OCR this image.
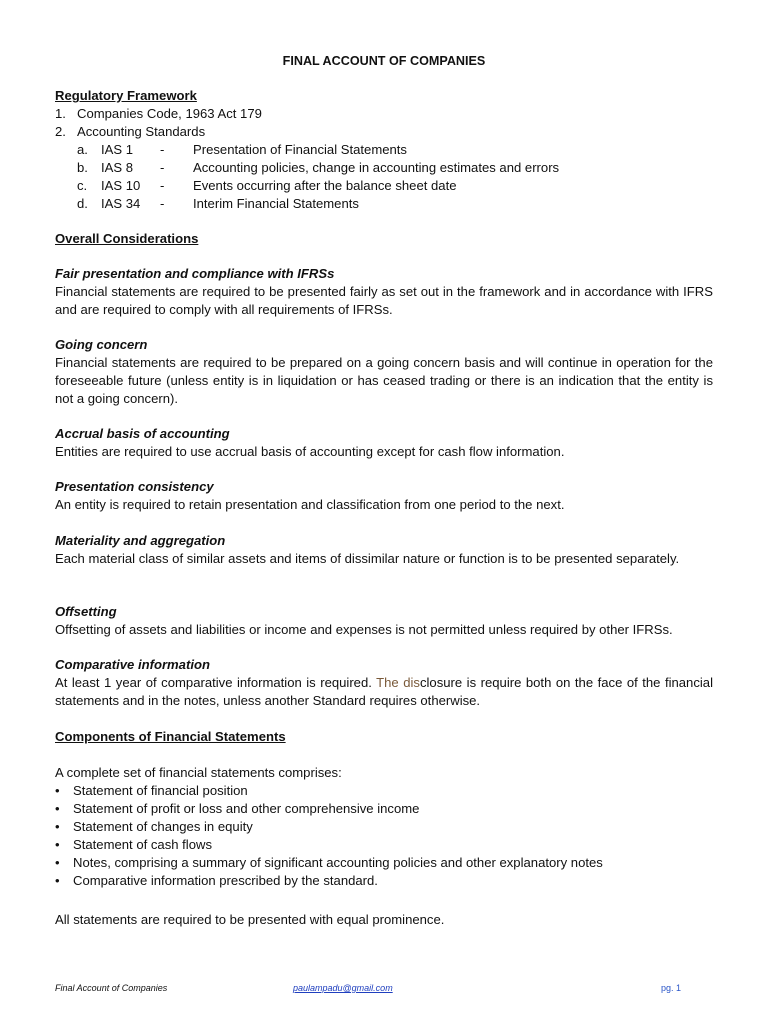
FINAL ACCOUNT OF COMPANIES
Regulatory Framework
1. Companies Code, 1963 Act 179
2. Accounting Standards
a. IAS 1	-	Presentation of Financial Statements
b. IAS 8	-	Accounting policies, change in accounting estimates and errors
c.	IAS 10	-	Events occurring after the balance sheet date
d. IAS 34	-	Interim Financial Statements
Overall Considerations
Fair presentation and compliance with IFRSs
Financial statements are required to be presented fairly as set out in the framework and in accordance with IFRS and are required to comply with all requirements of IFRSs.
Going concern
Financial statements are required to be prepared on a going concern basis and will continue in operation for the foreseeable future (unless entity is in liquidation or has ceased trading or there is an indication that the entity is not a going concern).
Accrual basis of accounting
Entities are required to use accrual basis of accounting except for cash flow information.
Presentation consistency
An entity is required to retain presentation and classification from one period to the next.
Materiality and aggregation
Each material class of similar assets and items of dissimilar nature or function is to be presented separately.
Offsetting
Offsetting of assets and liabilities or income and expenses is not permitted unless required by other IFRSs.
Comparative information
At least 1 year of comparative information is required. The disclosure is require both on the face of the financial statements and in the notes, unless another Standard requires otherwise.
Components of Financial Statements
A complete set of financial statements comprises:
•	Statement of financial position
•	Statement of profit or loss and other comprehensive income
•	Statement of changes in equity
•	Statement of cash flows
•	Notes, comprising a summary of significant accounting policies and other explanatory notes
•	Comparative information prescribed by the standard.
All statements are required to be presented with equal prominence.
Final Account of Companies	paulampadu@gmail.com	pg. 1
